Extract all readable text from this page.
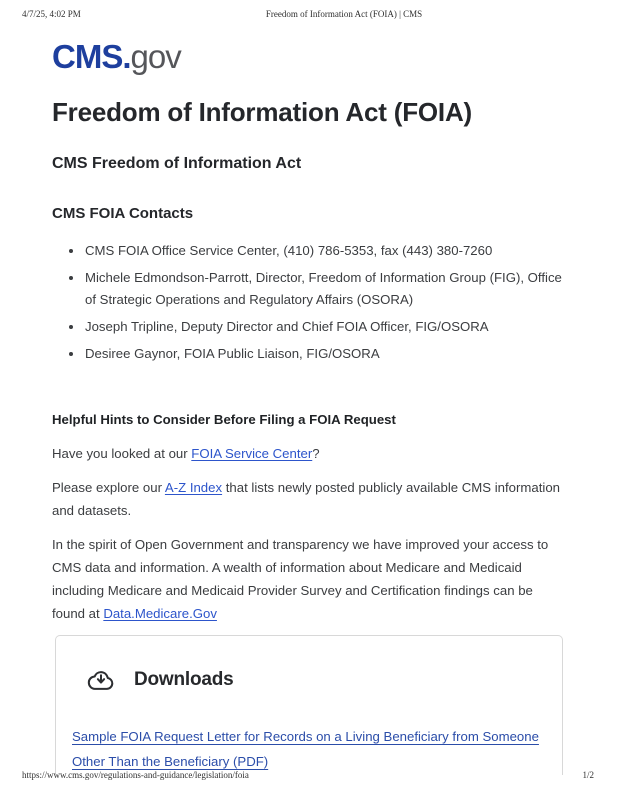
4/7/25, 4:02 PM	Freedom of Information Act (FOIA) | CMS
CMS.gov
Freedom of Information Act (FOIA)
CMS Freedom of Information Act
CMS FOIA Contacts
CMS FOIA Office Service Center, (410) 786-5353, fax (443) 380-7260
Michele Edmondson-Parrott, Director, Freedom of Information Group (FIG), Office of Strategic Operations and Regulatory Affairs (OSORA)
Joseph Tripline, Deputy Director and Chief FOIA Officer, FIG/OSORA
Desiree Gaynor, FOIA Public Liaison, FIG/OSORA

Helpful Hints to Consider Before Filing a FOIA Request

Have you looked at our FOIA Service Center?

Please explore our A-Z Index that lists newly posted publicly available CMS information and datasets.

In the spirit of Open Government and transparency we have improved your access to CMS data and information. A wealth of information about Medicare and Medicaid including Medicare and Medicaid Provider Survey and Certification findings can be found at Data.Medicare.Gov

Downloads
Sample FOIA Request Letter for Records on a Living Beneficiary from Someone Other Than the Beneficiary (PDF)
https://www.cms.gov/regulations-and-guidance/legislation/foia	1/2
